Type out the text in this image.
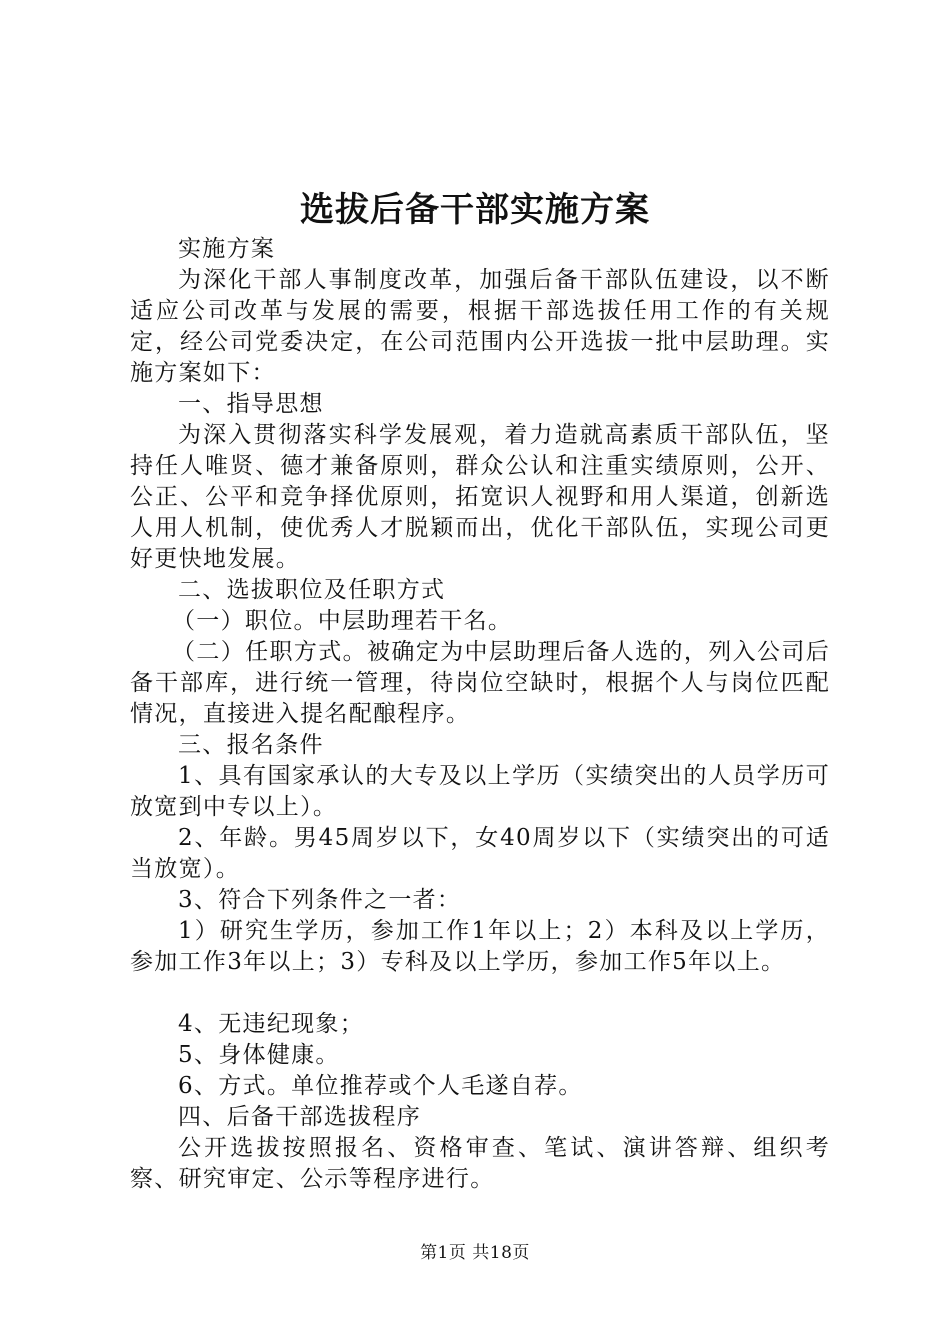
选拔后备干部实施方案

实施方案

为深化干部人事制度改革，加强后备干部队伍建设，以不断适应公司改革与发展的需要，根据干部选拔任用工作的有关规定，经公司党委决定，在公司范围内公开选拔一批中层助理。实施方案如下：

一、指导思想

为深入贯彻落实科学发展观，着力造就高素质干部队伍，坚持任人唯贤、德才兼备原则，群众公认和注重实绩原则，公开、公正、公平和竞争择优原则，拓宽识人视野和用人渠道，创新选人用人机制，使优秀人才脱颖而出，优化干部队伍，实现公司更好更快地发展。

二、选拔职位及任职方式

（一）职位。中层助理若干名。

（二）任职方式。被确定为中层助理后备人选的，列入公司后备干部库，进行统一管理，待岗位空缺时，根据个人与岗位匹配情况，直接进入提名配酿程序。

三、报名条件

1、具有国家承认的大专及以上学历（实绩突出的人员学历可放宽到中专以上）。

2、年龄。男45周岁以下，女40周岁以下（实绩突出的可适当放宽）。

3、符合下列条件之一者：

1）研究生学历，参加工作1年以上；2）本科及以上学历，参加工作3年以上；3）专科及以上学历，参加工作5年以上。

4、无违纪现象；

5、身体健康。

6、方式。单位推荐或个人毛遂自荐。

四、后备干部选拔程序

公开选拔按照报名、资格审查、笔试、演讲答辩、组织考察、研究审定、公示等程序进行。

第1页 共18页
